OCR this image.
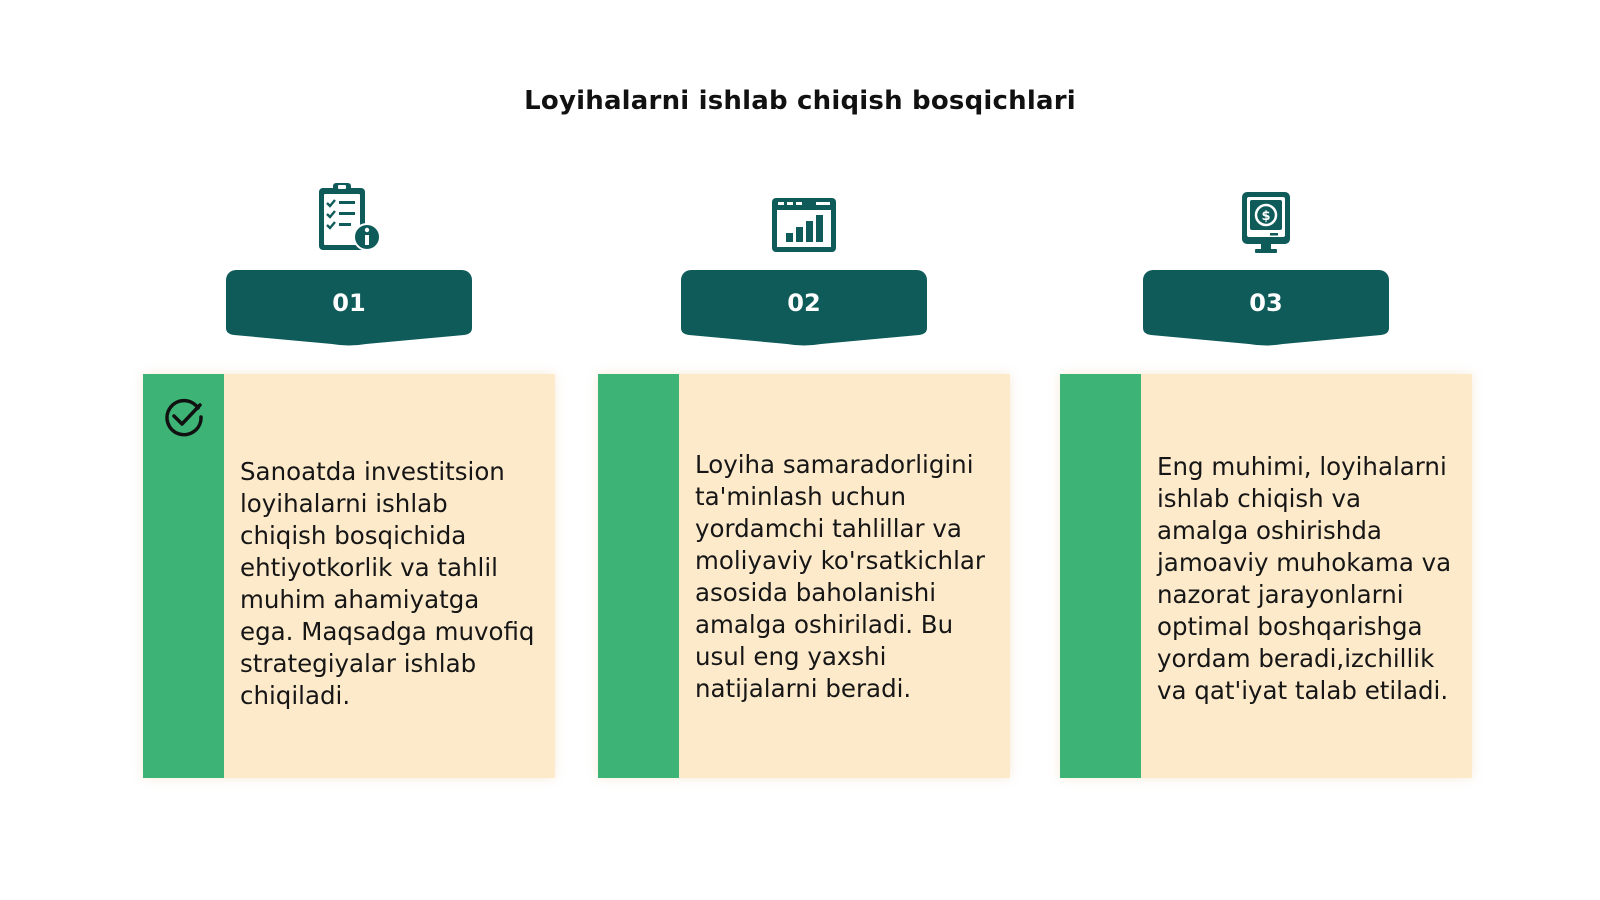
Loyihalarni ishlab chiqish bosqichlari
01
Sanoatda investitsion loyihalarni ishlab chiqish bosqichida ehtiyotkorlik va tahlil muhim ahamiyatga ega. Maqsadga muvofiq strategiyalar ishlab chiqiladi.
02
Loyiha samaradorligini ta'minlash uchun yordamchi tahlillar va moliyaviy ko'rsatkichlar asosida baholanishi amalga oshiriladi. Bu usul eng yaxshi natijalarni beradi.
$
03
Eng muhimi, loyihalarni ishlab chiqish va amalga oshirishda jamoaviy muhokama va nazorat jarayonlarni optimal boshqarishga yordam beradi,izchillik va qat'iyat talab etiladi.
